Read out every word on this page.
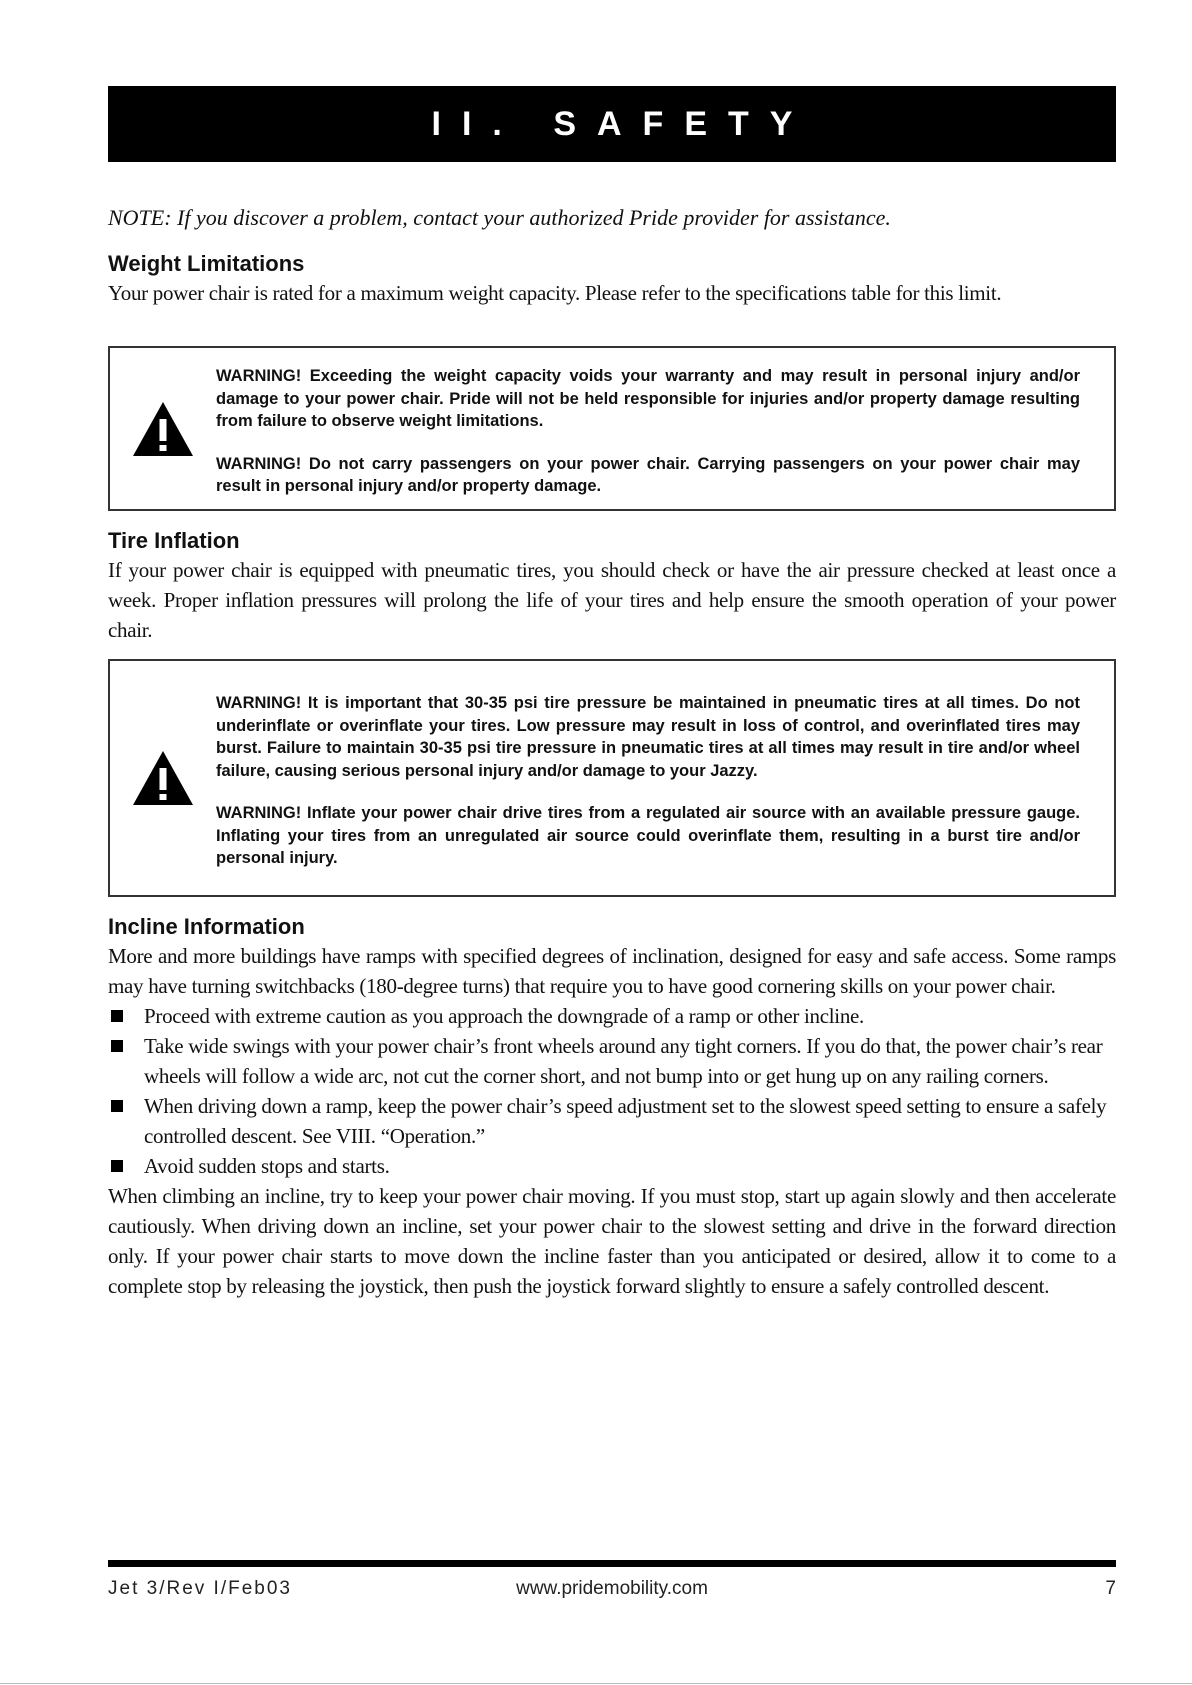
II. SAFETY
NOTE: If you discover a problem, contact your authorized Pride provider for assistance.
Weight Limitations

Your power chair is rated for a maximum weight capacity. Please refer to the specifications table for this limit.

WARNING! Exceeding the weight capacity voids your warranty and may result in personal injury and/or damage to your power chair. Pride will not be held responsible for injuries and/or property damage resulting from failure to observe weight limitations.

WARNING! Do not carry passengers on your power chair. Carrying passengers on your power chair may result in personal injury and/or property damage.

Tire Inflation

If your power chair is equipped with pneumatic tires, you should check or have the air pressure checked at least once a week. Proper inflation pressures will prolong the life of your tires and help ensure the smooth operation of your power chair.

WARNING! It is important that 30-35 psi tire pressure be maintained in pneumatic tires at all times. Do not underinflate or overinflate your tires. Low pressure may result in loss of control, and overinflated tires may burst. Failure to maintain 30-35 psi tire pressure in pneumatic tires at all times may result in tire and/or wheel failure, causing serious personal injury and/or damage to your Jazzy.

WARNING! Inflate your power chair drive tires from a regulated air source with an available pressure gauge. Inflating your tires from an unregulated air source could overinflate them, resulting in a burst tire and/or personal injury.

Incline Information

More and more buildings have ramps with specified degrees of inclination, designed for easy and safe access. Some ramps may have turning switchbacks (180-degree turns) that require you to have good cornering skills on your power chair.

Proceed with extreme caution as you approach the downgrade of a ramp or other incline.
Take wide swings with your power chair’s front wheels around any tight corners. If you do that, the power chair’s rear wheels will follow a wide arc, not cut the corner short, and not bump into or get hung up on any railing corners.
When driving down a ramp, keep the power chair’s speed adjustment set to the slowest speed setting to ensure a safely controlled descent. See VIII. “Operation.”
Avoid sudden stops and starts.

When climbing an incline, try to keep your power chair moving. If you must stop, start up again slowly and then accelerate cautiously. When driving down an incline, set your power chair to the slowest setting and drive in the forward direction only. If your power chair starts to move down the incline faster than you anticipated or desired, allow it to come to a complete stop by releasing the joystick, then push the joystick forward slightly to ensure a safely controlled descent.

Jet 3/Rev I/Feb03	www.pridemobility.com	7
